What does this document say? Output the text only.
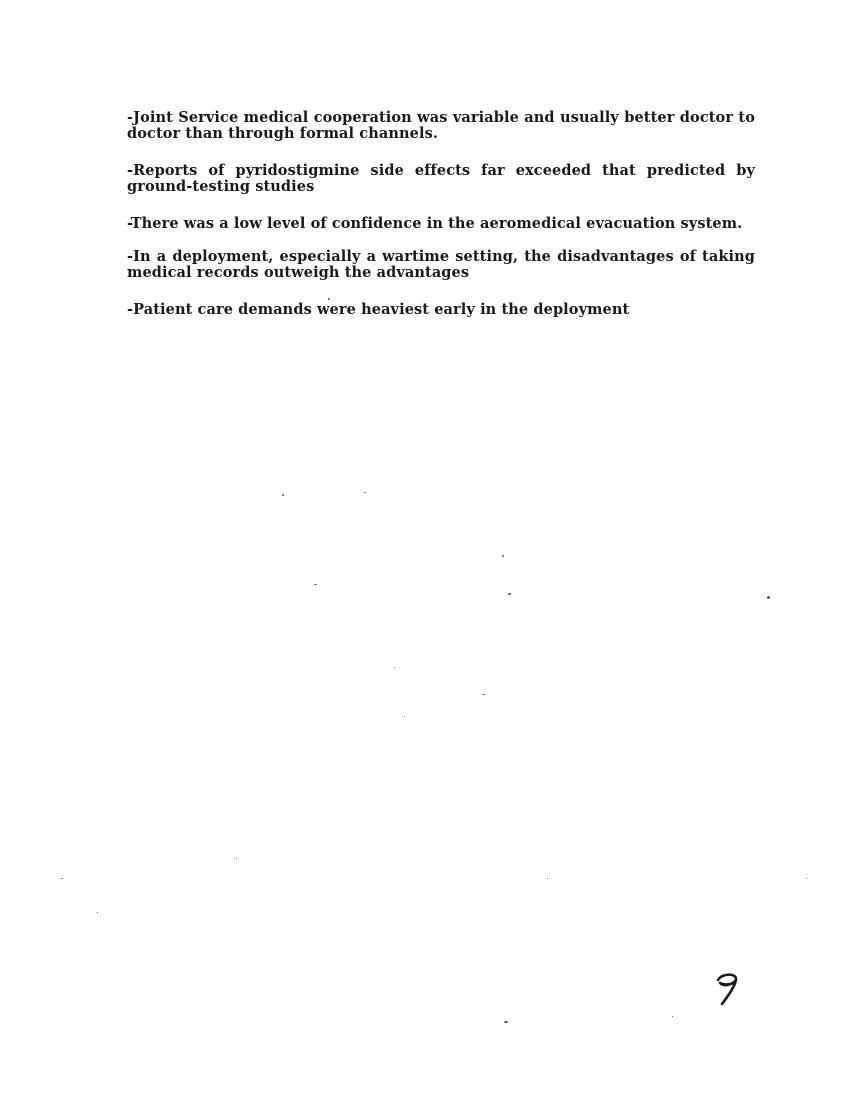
-Joint Service medical cooperation was variable and usually better doctor to doctor than through formal channels.
-Reports of pyridostigmine side effects far exceeded that predicted by ground-testing studies
-There was a low level of confidence in the aeromedical evacuation system.
-In a deployment, especially a wartime setting, the disadvantages of taking medical records outweigh the advantages
-Patient care demands were heaviest early in the deployment
